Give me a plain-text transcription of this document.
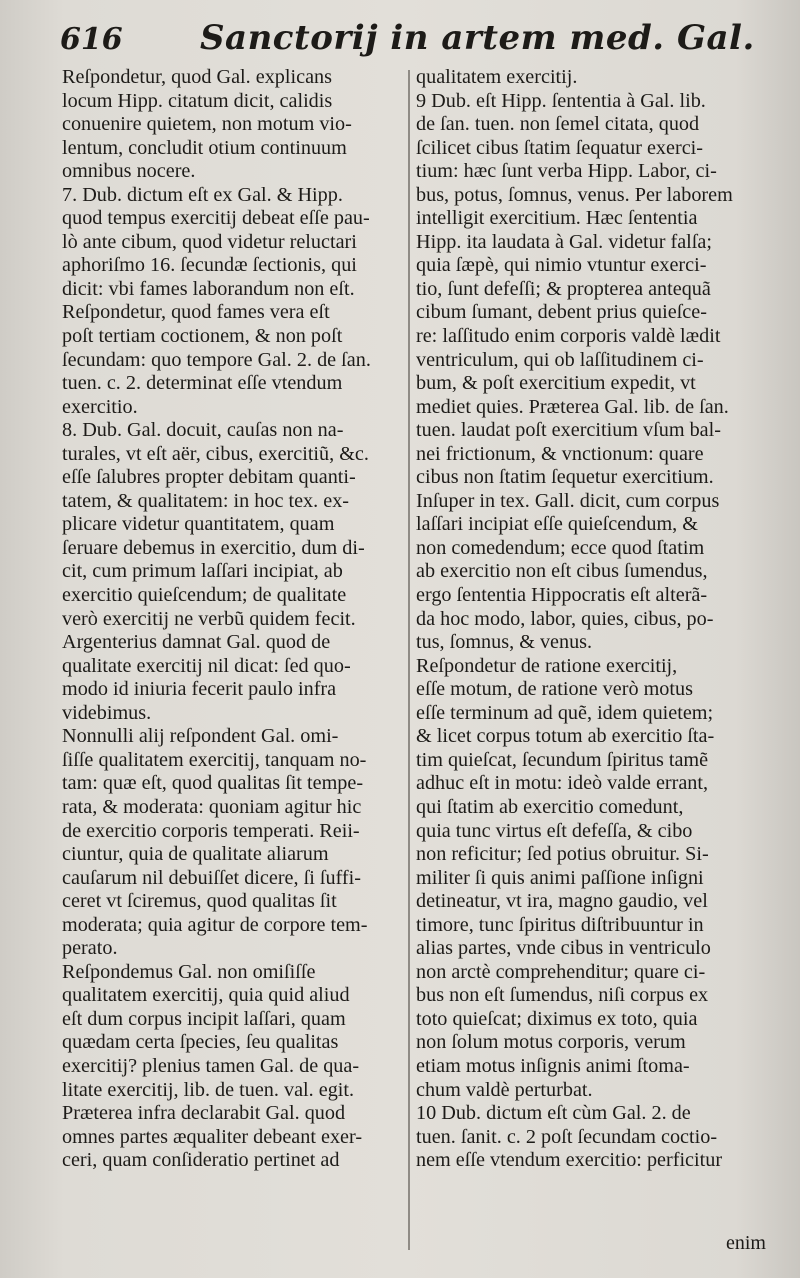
616 Sanctorij in artem med. Gal.
Reſpondetur, quod Gal. explicans
locum Hipp. citatum dicit, calidis
conuenire quietem, non motum vio-
lentum, concludit otium continuum
omnibus nocere.
7. Dub. dictum eſt ex Gal. & Hipp.
quod tempus exercitij debeat eſſe pau-
lò ante cibum, quod videtur reluctari
aphoriſmo 16. ſecundæ ſectionis, qui
dicit: vbi fames laborandum non eſt.
Reſpondetur, quod fames vera eſt
poſt tertiam coctionem, & non poſt
ſecundam: quo tempore Gal. 2. de ſan.
tuen. c. 2. determinat eſſe vtendum
exercitio.
8. Dub. Gal. docuit, cauſas non na-
turales, vt eſt aër, cibus, exercitiũ, &c.
eſſe ſalubres propter debitam quanti-
tatem, & qualitatem: in hoc tex. ex-
plicare videtur quantitatem, quam
ſeruare debemus in exercitio, dum di-
cit, cum primum laſſari incipiat, ab
exercitio quieſcendum; de qualitate
verò exercitij ne verbũ quidem fecit.
Argenterius damnat Gal. quod de
qualitate exercitij nil dicat: ſed quo-
modo id iniuria fecerit paulo infra
videbimus.
Nonnulli alij reſpondent Gal. omi-
ſiſſe qualitatem exercitij, tanquam no-
tam: quæ eſt, quod qualitas ſit tempe-
rata, & moderata: quoniam agitur hic
de exercitio corporis temperati. Reii-
ciuntur, quia de qualitate aliarum
cauſarum nil debuiſſet dicere, ſi ſuffi-
ceret vt ſciremus, quod qualitas ſit
moderata; quia agitur de corpore tem-
perato.
Reſpondemus Gal. non omiſiſſe
qualitatem exercitij, quia quid aliud
eſt dum corpus incipit laſſari, quam
quædam certa ſpecies, ſeu qualitas
exercitij? plenius tamen Gal. de qua-
litate exercitij, lib. de tuen. val. egit.
Præterea infra declarabit Gal. quod
omnes partes æqualiter debeant exer-
ceri, quam conſideratio pertinet ad
qualitatem exercitij.
9 Dub. eſt Hipp. ſententia à Gal. lib.
de ſan. tuen. non ſemel citata, quod
ſcilicet cibus ſtatim ſequatur exerci-
tium: hæc ſunt verba Hipp. Labor, ci-
bus, potus, ſomnus, venus. Per laborem
intelligit exercitium. Hæc ſententia
Hipp. ita laudata à Gal. videtur falſa;
quia ſæpè, qui nimio vtuntur exerci-
tio, ſunt defeſſi; & propterea antequã
cibum ſumant, debent prius quieſce-
re: laſſitudo enim corporis valdè lædit
ventriculum, qui ob laſſitudinem ci-
bum, & poſt exercitium expedit, vt
mediet quies. Præterea Gal. lib. de ſan.
tuen. laudat poſt exercitium vſum bal-
nei frictionum, & vnctionum: quare
cibus non ſtatim ſequetur exercitium.
Inſuper in tex. Gall. dicit, cum corpus
laſſari incipiat eſſe quieſcendum, &
non comedendum; ecce quod ſtatim
ab exercitio non eſt cibus ſumendus,
ergo ſententia Hippocratis eſt alterã-
da hoc modo, labor, quies, cibus, po-
tus, ſomnus, & venus.
Reſpondetur de ratione exercitij,
eſſe motum, de ratione verò motus
eſſe terminum ad quẽ, idem quietem;
& licet corpus totum ab exercitio ſta-
tim quieſcat, ſecundum ſpiritus tamẽ
adhuc eſt in motu: ideò valde errant,
qui ſtatim ab exercitio comedunt,
quia tunc virtus eſt defeſſa, & cibo
non reficitur; ſed potius obruitur. Si-
militer ſi quis animi paſſione inſigni
detineatur, vt ira, magno gaudio, vel
timore, tunc ſpiritus diſtribuuntur in
alias partes, vnde cibus in ventriculo
non arctè comprehenditur; quare ci-
bus non eſt ſumendus, niſi corpus ex
toto quieſcat; diximus ex toto, quia
non ſolum motus corporis, verum
etiam motus inſignis animi ſtoma-
chum valdè perturbat.
10 Dub. dictum eſt cùm Gal. 2. de
tuen. ſanit. c. 2 poſt ſecundam coctio-
nem eſſe vtendum exercitio: perficitur
enim
